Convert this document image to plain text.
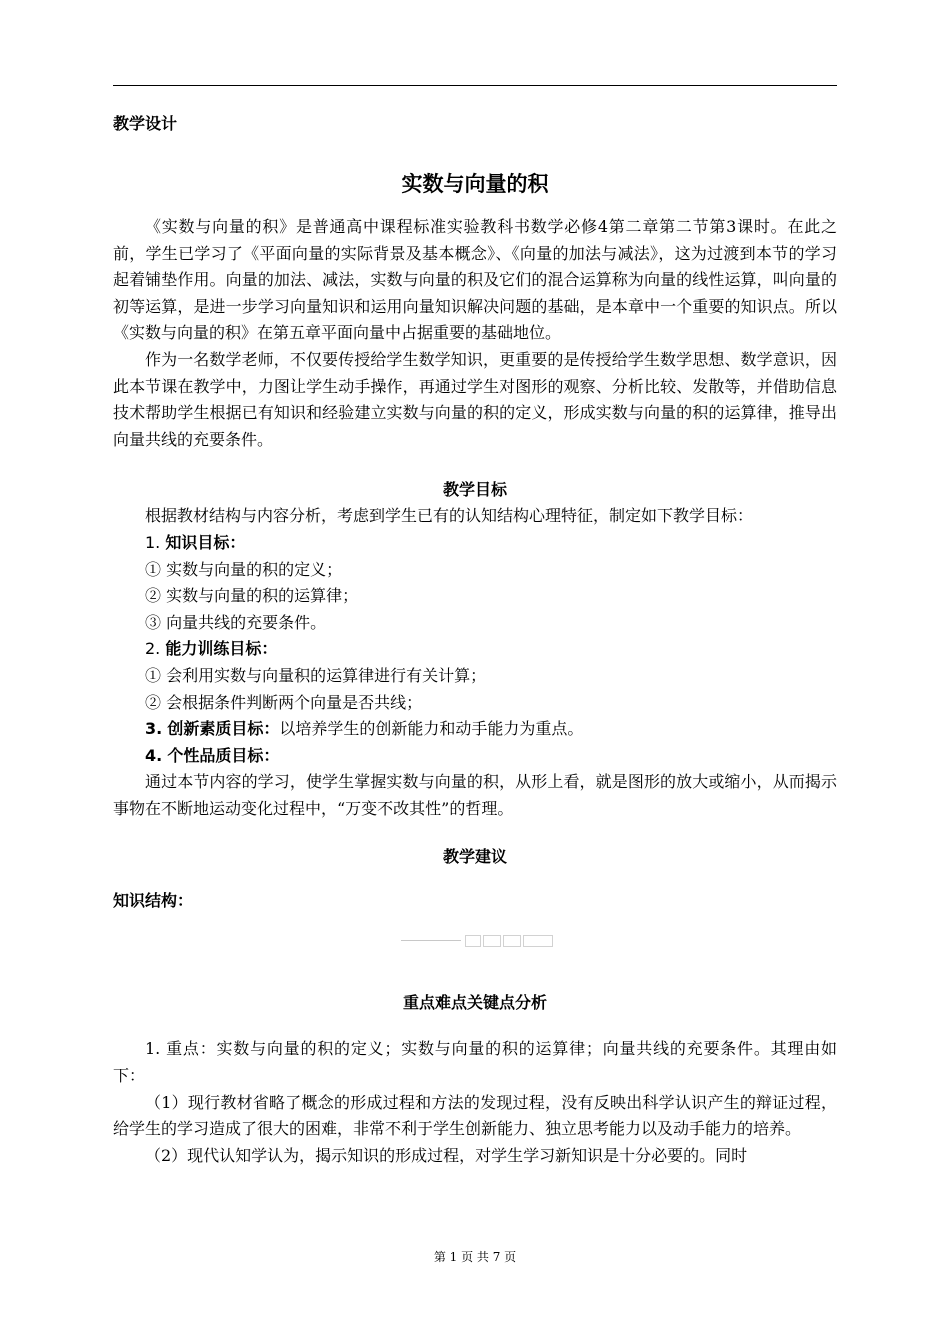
教学设计
实数与向量的积

《实数与向量的积》是普通高中课程标准实验教科书数学必修4第二章第二节第3课时。在此之前，学生已学习了《平面向量的实际背景及基本概念》、《向量的加法与减法》，这为过渡到本节的学习起着铺垫作用。向量的加法、减法，实数与向量的积及它们的混合运算称为向量的线性运算，叫向量的初等运算，是进一步学习向量知识和运用向量知识解决问题的基础，是本章中一个重要的知识点。所以《实数与向量的积》在第五章平面向量中占据重要的基础地位。

作为一名数学老师，不仅要传授给学生数学知识，更重要的是传授给学生数学思想、数学意识，因此本节课在教学中，力图让学生动手操作，再通过学生对图形的观察、分析比较、发散等，并借助信息技术帮助学生根据已有知识和经验建立实数与向量的积的定义，形成实数与向量的积的运算律，推导出向量共线的充要条件。

教学目标

根据教材结构与内容分析，考虑到学生已有的认知结构心理特征，制定如下教学目标：

1. 知识目标：
① 实数与向量的积的定义；
② 实数与向量的积的运算律；
③ 向量共线的充要条件。
2. 能力训练目标：
① 会利用实数与向量积的运算律进行有关计算；
② 会根据条件判断两个向量是否共线；
3. 创新素质目标：以培养学生的创新能力和动手能力为重点。
4. 个性品质目标：

通过本节内容的学习，使学生掌握实数与向量的积，从形上看，就是图形的放大或缩小，从而揭示事物在不断地运动变化过程中，“万变不改其性”的哲理。

教学建议
知识结构：
重点难点关键点分析

1. 重点：实数与向量的积的定义；实数与向量的积的运算律；向量共线的充要条件。其理由如下：

（1）现行教材省略了概念的形成过程和方法的发现过程，没有反映出科学认识产生的辩证过程，给学生的学习造成了很大的困难，非常不利于学生创新能力、独立思考能力以及动手能力的培养。

（2）现代认知学认为，揭示知识的形成过程，对学生学习新知识是十分必要的。同时

第 1 页 共 7 页
